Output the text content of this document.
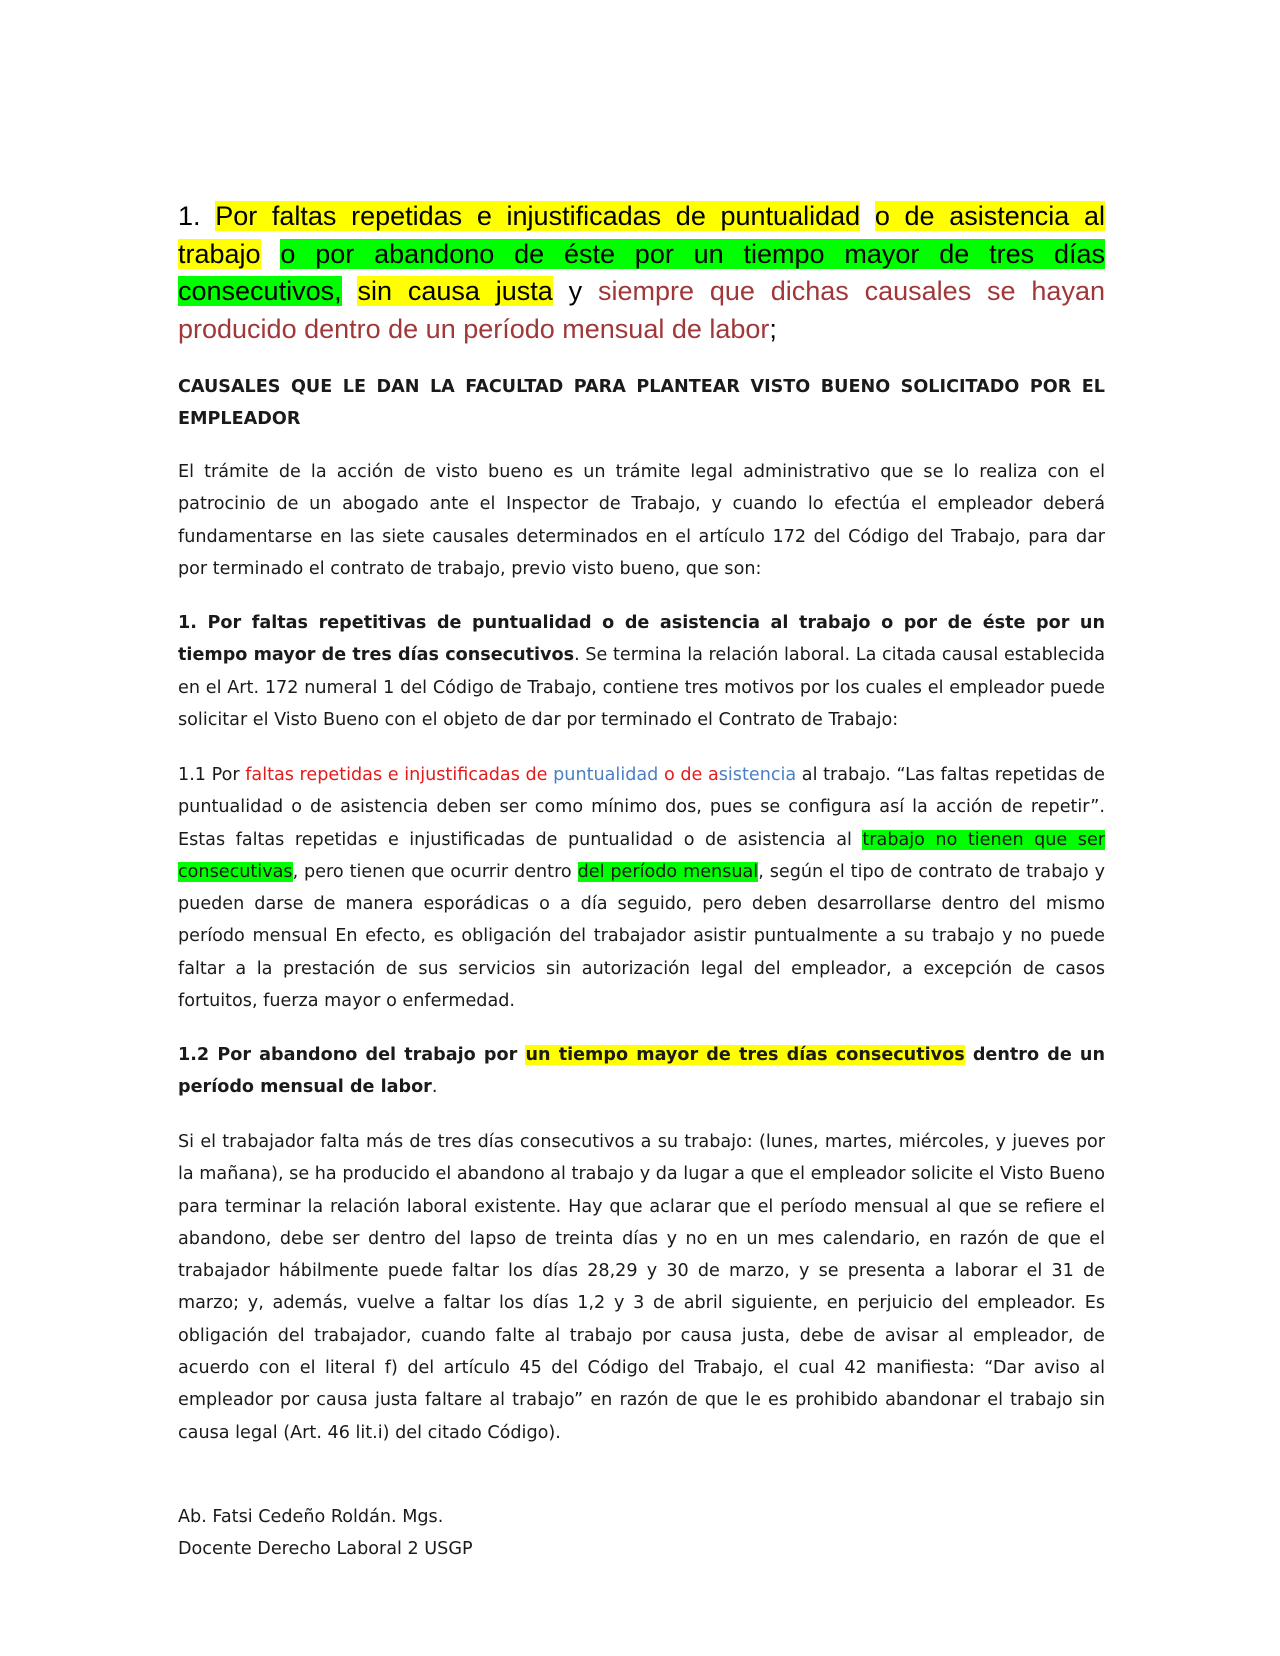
1. Por faltas repetidas e injustificadas de puntualidad o de asistencia al trabajo o por abandono de éste por un tiempo mayor de tres días consecutivos, sin causa justa y siempre que dichas causales se hayan producido dentro de un período mensual de labor;

CAUSALES QUE LE DAN LA FACULTAD PARA PLANTEAR VISTO BUENO SOLICITADO POR EL EMPLEADOR

El trámite de la acción de visto bueno es un trámite legal administrativo que se lo realiza con el patrocinio de un abogado ante el Inspector de Trabajo, y cuando lo efectúa el empleador deberá fundamentarse en las siete causales determinados en el artículo 172 del Código del Trabajo, para dar por terminado el contrato de trabajo, previo visto bueno, que son:

1. Por faltas repetitivas de puntualidad o de asistencia al trabajo o por de éste por un tiempo mayor de tres días consecutivos. Se termina la relación laboral. La citada causal establecida en el Art. 172 numeral 1 del Código de Trabajo, contiene tres motivos por los cuales el empleador puede solicitar el Visto Bueno con el objeto de dar por terminado el Contrato de Trabajo:

1.1 Por faltas repetidas e injustificadas de puntualidad o de asistencia al trabajo. “Las faltas repetidas de puntualidad o de asistencia deben ser como mínimo dos, pues se configura así la acción de repetir”. Estas faltas repetidas e injustificadas de puntualidad o de asistencia al trabajo no tienen que ser consecutivas, pero tienen que ocurrir dentro del período mensual, según el tipo de contrato de trabajo y pueden darse de manera esporádicas o a día seguido, pero deben desarrollarse dentro del mismo período mensual En efecto, es obligación del trabajador asistir puntualmente a su trabajo y no puede faltar a la prestación de sus servicios sin autorización legal del empleador, a excepción de casos fortuitos, fuerza mayor o enfermedad.

1.2 Por abandono del trabajo por un tiempo mayor de tres días consecutivos dentro de un período mensual de labor.

Si el trabajador falta más de tres días consecutivos a su trabajo: (lunes, martes, miércoles, y jueves por la mañana), se ha producido el abandono al trabajo y da lugar a que el empleador solicite el Visto Bueno para terminar la relación laboral existente. Hay que aclarar que el período mensual al que se refiere el abandono, debe ser dentro del lapso de treinta días y no en un mes calendario, en razón de que el trabajador hábilmente puede faltar los días 28,29 y 30 de marzo, y se presenta a laborar el 31 de marzo; y, además, vuelve a faltar los días 1,2 y 3 de abril siguiente, en perjuicio del empleador. Es obligación del trabajador, cuando falte al trabajo por causa justa, debe de avisar al empleador, de acuerdo con el literal f) del artículo 45 del Código del Trabajo, el cual 42 manifiesta: “Dar aviso al empleador por causa justa faltare al trabajo” en razón de que le es prohibido abandonar el trabajo sin causa legal (Art. 46 lit.i) del citado Código).

Ab. Fatsi Cedeño Roldán. Mgs.
Docente Derecho Laboral 2 USGP
